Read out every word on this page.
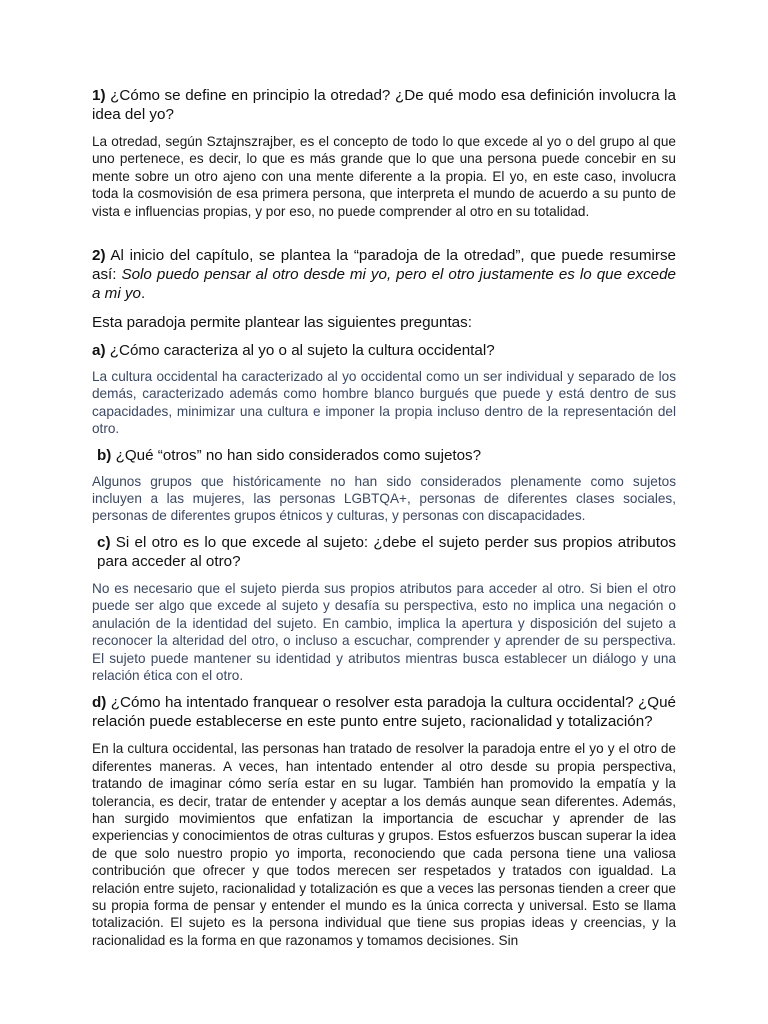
1) ¿Cómo se define en principio la otredad? ¿De qué modo esa definición involucra la idea del yo?

La otredad, según Sztajnszrajber, es el concepto de todo lo que excede al yo o del grupo al que uno pertenece, es decir, lo que es más grande que lo que una persona puede concebir en su mente sobre un otro ajeno con una mente diferente a la propia. El yo, en este caso, involucra toda la cosmovisión de esa primera persona, que interpreta el mundo de acuerdo a su punto de vista e influencias propias, y por eso, no puede comprender al otro en su totalidad.

2) Al inicio del capítulo, se plantea la “paradoja de la otredad”, que puede resumirse así: Solo puedo pensar al otro desde mi yo, pero el otro justamente es lo que excede a mi yo.

Esta paradoja permite plantear las siguientes preguntas:

a) ¿Cómo caracteriza al yo o al sujeto la cultura occidental?

La cultura occidental ha caracterizado al yo occidental como un ser individual y separado de los demás, caracterizado además como hombre blanco burgués que puede y está dentro de sus capacidades, minimizar una cultura e imponer la propia incluso dentro de la representación del otro.

b) ¿Qué “otros” no han sido considerados como sujetos?

Algunos grupos que históricamente no han sido considerados plenamente como sujetos incluyen a las mujeres, las personas LGBTQA+, personas de diferentes clases sociales, personas de diferentes grupos étnicos y culturas, y personas con discapacidades.

c) Si el otro es lo que excede al sujeto: ¿debe el sujeto perder sus propios atributos para acceder al otro?

No es necesario que el sujeto pierda sus propios atributos para acceder al otro. Si bien el otro puede ser algo que excede al sujeto y desafía su perspectiva, esto no implica una negación o anulación de la identidad del sujeto. En cambio, implica la apertura y disposición del sujeto a reconocer la alteridad del otro, o incluso a escuchar, comprender y aprender de su perspectiva. El sujeto puede mantener su identidad y atributos mientras busca establecer un diálogo y una relación ética con el otro.

d) ¿Cómo ha intentado franquear o resolver esta paradoja la cultura occidental? ¿Qué relación puede establecerse en este punto entre sujeto, racionalidad y totalización?

En la cultura occidental, las personas han tratado de resolver la paradoja entre el yo y el otro de diferentes maneras. A veces, han intentado entender al otro desde su propia perspectiva, tratando de imaginar cómo sería estar en su lugar. También han promovido la empatía y la tolerancia, es decir, tratar de entender y aceptar a los demás aunque sean diferentes. Además, han surgido movimientos que enfatizan la importancia de escuchar y aprender de las experiencias y conocimientos de otras culturas y grupos. Estos esfuerzos buscan superar la idea de que solo nuestro propio yo importa, reconociendo que cada persona tiene una valiosa contribución que ofrecer y que todos merecen ser respetados y tratados con igualdad. La relación entre sujeto, racionalidad y totalización es que a veces las personas tienden a creer que su propia forma de pensar y entender el mundo es la única correcta y universal. Esto se llama totalización. El sujeto es la persona individual que tiene sus propias ideas y creencias, y la racionalidad es la forma en que razonamos y tomamos decisiones. Sin
